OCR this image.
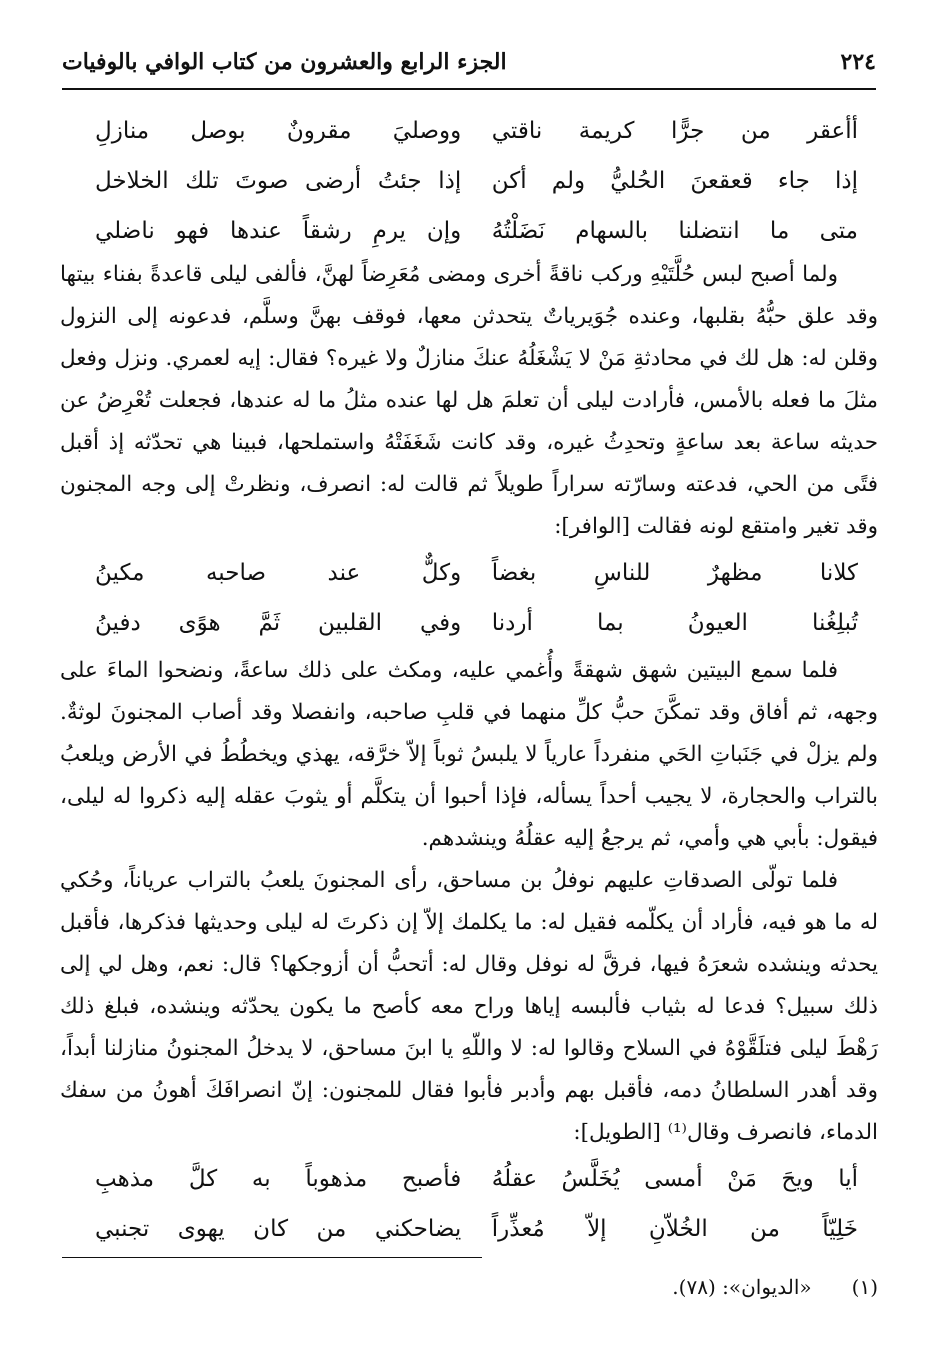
٢٢٤
الجزء الرابع والعشرون من كتاب الوافي بالوفيات
أأعقر من جرًّا كريمة ناقتي
ووصليَ مقرونٌ بوصل منازلِ
إذا جاء قعقعنَ الحُليُّ ولم أكن
إذا جئتُ أرضى صوتَ تلك الخلاخل
متى ما انتضلنا بالسهام نَضَلْتُهُ
وإن يرمِ رشقاً عندها فهو ناضلي

ولما أصبح لبس حُلَّتَيْهِ وركب ناقةً أخرى ومضى مُعَرِضاً لهنَّ، فألفى ليلى قاعدةً بفناء بيتها وقد علق حبُّهُ بقلبها، وعنده جُوَيرياتٌ يتحدثن معها، فوقف بهنَّ وسلَّم، فدعونه إلى النزول وقلن له: هل لك في محادثةِ مَنْ لا يَشْغَلُهُ عنكَ منازلٌ ولا غيره؟ فقال: إيه لعمري. ونزل وفعل مثلَ ما فعله بالأمس، فأرادت ليلى أن تعلمَ هل لها عنده مثلُ ما له عندها، فجعلت تُعْرِضُ عن حديثه ساعة بعد ساعةٍ وتحدِثُ غيره، وقد كانت شَغَفَتْهُ واستملحها، فبينا هي تحدّثه إذ أقبل فتًى من الحي، فدعته وسارّته سراراً طويلاً ثم قالت له: انصرف، ونظرتْ إلى وجه المجنون وقد تغير وامتقع لونه فقالت [الوافر]:

كلانا مظهرٌ للناسِ بغضاً
وكلٌّ عند صاحبه مكينُ
تُبلِغُنا العيونُ بما أردنا
وفي القلبين ثَمَّ هوًى دفينُ

فلما سمع البيتين شهق شهقةً وأُغمي عليه، ومكث على ذلك ساعةً، ونضحوا الماءَ على وجهه، ثم أفاق وقد تمكَّنَ حبُّ كلِّ منهما في قلبِ صاحبه، وانفصلا وقد أصاب المجنونَ لوثةٌ. ولم يزلْ في جَنَباتِ الحَي منفرداً عارياً لا يلبسُ ثوباً إلاّ خرَّقه، يهذي ويخطُطُ في الأرض ويلعبُ بالتراب والحجارة، لا يجيب أحداً يسأله، فإذا أحبوا أن يتكلَّم أو يثوبَ عقله إليه ذكروا له ليلى، فيقول: بأبي هي وأمي، ثم يرجعُ إليه عقلُهُ وينشدهم.

فلما تولّى الصدقاتِ عليهم نوفلُ بن مساحق، رأى المجنونَ يلعبُ بالتراب عرياناً، وحُكي له ما هو فيه، فأراد أن يكلّمه فقيل له: ما يكلمك إلاّ إن ذكرتَ له ليلى وحديثها فذكرها، فأقبل يحدثه وينشده شعرَهُ فيها، فرقَّ له نوفل وقال له: أتحبُّ أن أزوجكها؟ قال: نعم، وهل لي إلى ذلك سبيل؟ فدعا له بثياب فألبسه إياها وراح معه كأصح ما يكون يحدّثه وينشده، فبلغ ذلك رَهْطَ ليلى فتلَقَّوْهُ في السلاح وقالوا له: لا واللّهِ يا ابنَ مساحق، لا يدخلُ المجنونُ منازلنا أبداً، وقد أهدر السلطانُ دمه، فأقبل بهم وأدبر فأبوا فقال للمجنون: إنّ انصرافَكَ أهونُ من سفك الدماء، فانصرف وقال⁽¹⁾ [الطويل]:

أيا ويحَ مَنْ أمسى يُخَلَّسُ عقلُهُ
فأصبح مذهوباً به كلَّ مذهبِ
خَلِيّاً من الخُلاّنِ إلاّ مُعذِّراً
يضاحكني من كان يهوى تجنبي
(١)
«الديوان»: (٧٨).
